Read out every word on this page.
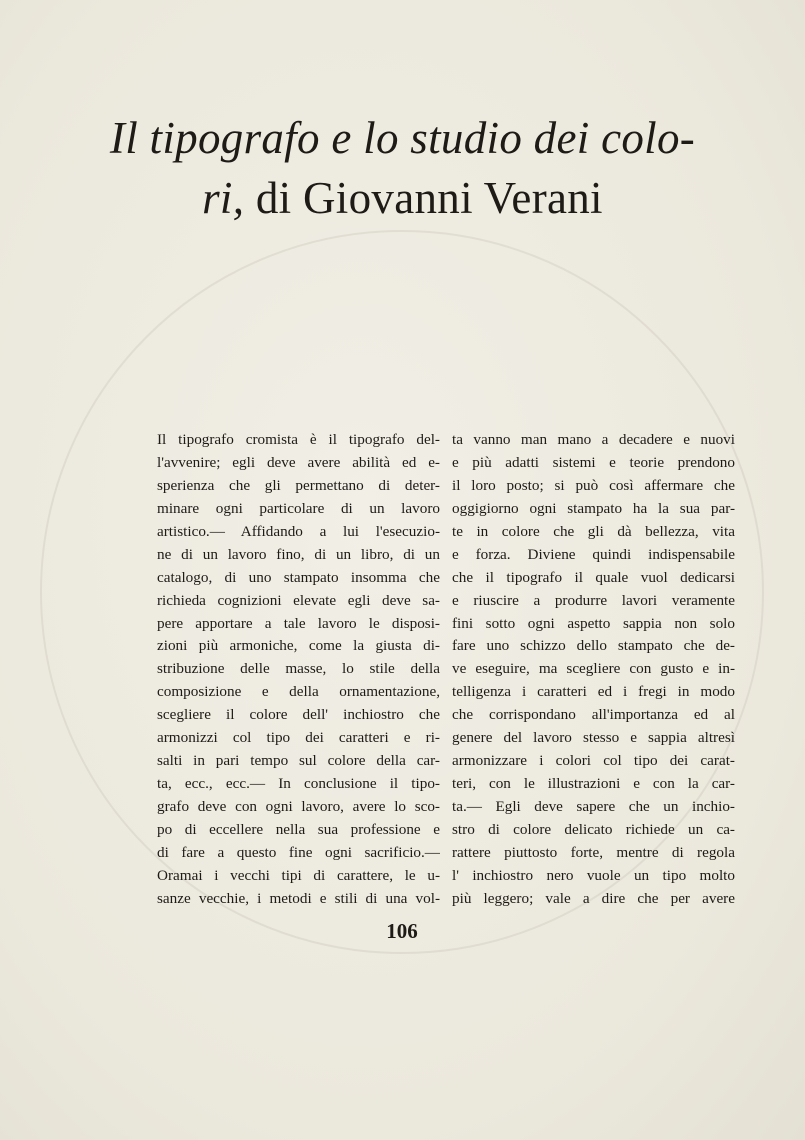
Il tipografo e lo studio dei colo-
ri, di Giovanni Verani
Il tipografo cromista è il tipografo del-
l'avvenire; egli deve avere abilità ed e-
sperienza che gli permettano di deter-
minare ogni particolare di un lavoro
artistico.— Affidando a lui l'esecuzio-
ne di un lavoro fino, di un libro, di un
catalogo, di uno stampato insomma che
richieda cognizioni elevate egli deve sa-
pere apportare a tale lavoro le disposi-
zioni più armoniche, come la giusta di-
stribuzione delle masse, lo stile della
composizione e della ornamentazione,
scegliere il colore dell' inchiostro che
armonizzi col tipo dei caratteri e ri-
salti in pari tempo sul colore della car-
ta, ecc., ecc.— In conclusione il tipo-
grafo deve con ogni lavoro, avere lo sco-
po di eccellere nella sua professione e
di fare a questo fine ogni sacrificio.—
Oramai i vecchi tipi di carattere, le u-
sanze vecchie, i metodi e stili di una vol-
ta vanno man mano a decadere e nuovi
e più adatti sistemi e teorie prendono
il loro posto; si può così affermare che
oggigiorno ogni stampato ha la sua par-
te in colore che gli dà bellezza, vita
e forza. Diviene quindi indispensabile
che il tipografo il quale vuol dedicarsi
e riuscire a produrre lavori veramente
fini sotto ogni aspetto sappia non solo
fare uno schizzo dello stampato che de-
ve eseguire, ma scegliere con gusto e in-
telligenza i caratteri ed i fregi in modo
che corrispondano all'importanza ed al
genere del lavoro stesso e sappia altresì
armonizzare i colori col tipo dei carat-
teri, con le illustrazioni e con la car-
ta.— Egli deve sapere che un inchio-
stro di colore delicato richiede un ca-
rattere piuttosto forte, mentre di regola
l' inchiostro nero vuole un tipo molto
più leggero; vale a dire che per avere
106
